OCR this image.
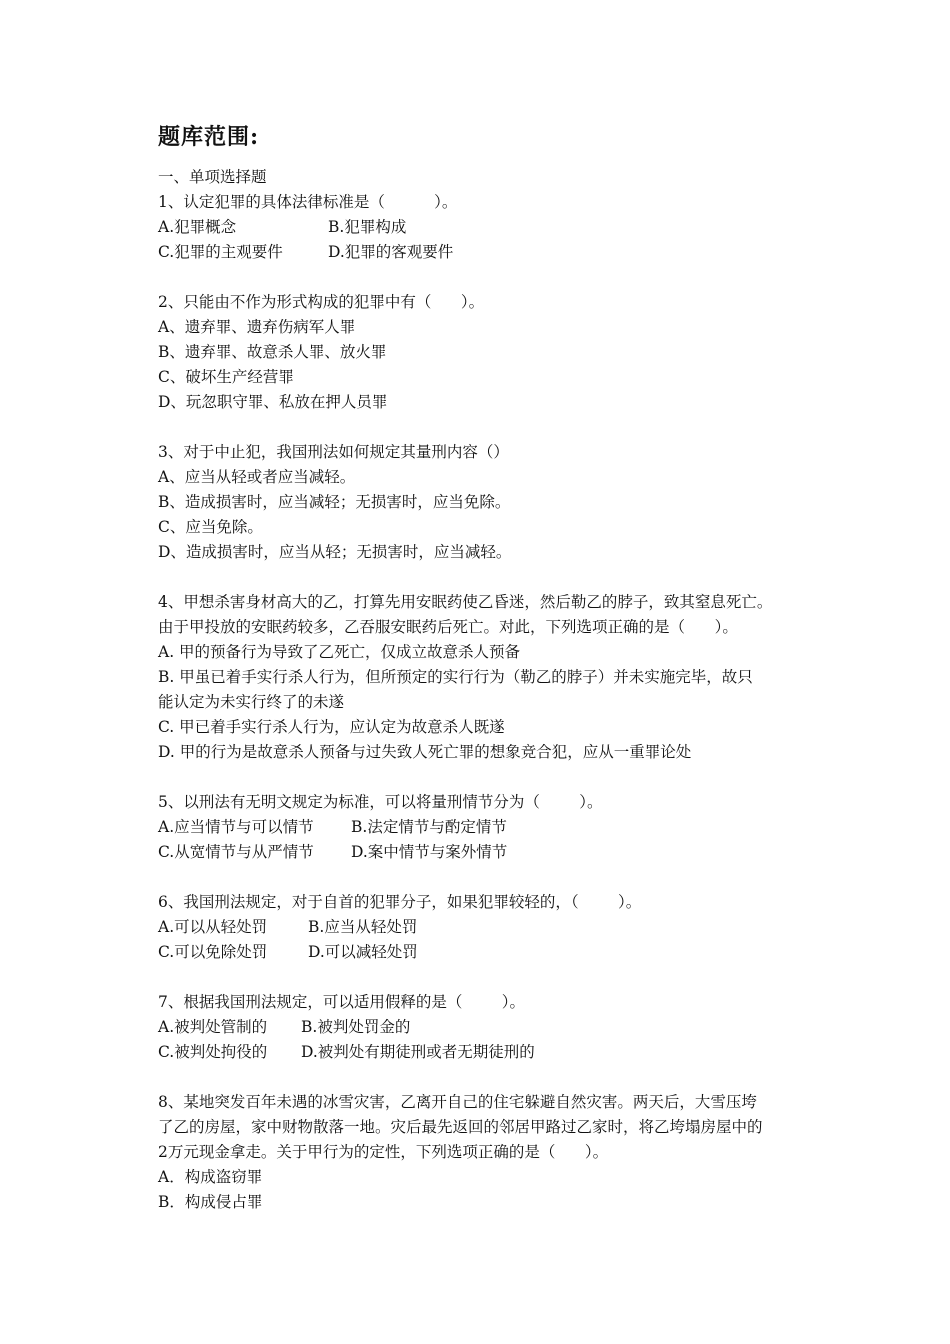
题库范围:

一、单项选择题

1、认定犯罪的具体法律标准是（          ）。

A.犯罪概念	B.犯罪构成
C.犯罪的主观要件	D.犯罪的客观要件

2、只能由不作为形式构成的犯罪中有（      ）。

A、遗弃罪、遗弃伤病军人罪

B、遗弃罪、故意杀人罪、放火罪

C、破坏生产经营罪

D、玩忽职守罪、私放在押人员罪

3、对于中止犯，我国刑法如何规定其量刑内容（）

A、应当从轻或者应当减轻。

B、造成损害时，应当减轻；无损害时，应当免除。

C、应当免除。

D、造成损害时，应当从轻；无损害时，应当减轻。

4、甲想杀害身材高大的乙，打算先用安眠药使乙昏迷，然后勒乙的脖子，致其窒息死亡。

由于甲投放的安眠药较多，乙吞服安眠药后死亡。对此，下列选项正确的是（      ）。

A. 甲的预备行为导致了乙死亡，仅成立故意杀人预备

B. 甲虽已着手实行杀人行为，但所预定的实行行为（勒乙的脖子）并未实施完毕，故只

能认定为未实行终了的未遂

C. 甲已着手实行杀人行为，应认定为故意杀人既遂

D. 甲的行为是故意杀人预备与过失致人死亡罪的想象竞合犯，应从一重罪论处

5、以刑法有无明文规定为标准，可以将量刑情节分为（        ）。

A.应当情节与可以情节	B.法定情节与酌定情节
C.从宽情节与从严情节	D.案中情节与案外情节

6、我国刑法规定，对于自首的犯罪分子，如果犯罪较轻的，（        ）。

A.可以从轻处罚	B.应当从轻处罚
C.可以免除处罚	D.可以减轻处罚

7、根据我国刑法规定，可以适用假释的是（        ）。

A.被判处管制的	B.被判处罚金的
C.被判处拘役的	D.被判处有期徒刑或者无期徒刑的

8、某地突发百年未遇的冰雪灾害，乙离开自己的住宅躲避自然灾害。两天后，大雪压垮

了乙的房屋，家中财物散落一地。灾后最先返回的邻居甲路过乙家时，将乙垮塌房屋中的

2万元现金拿走。关于甲行为的定性，下列选项正确的是（      ）。

A．构成盗窃罪

B．构成侵占罪
